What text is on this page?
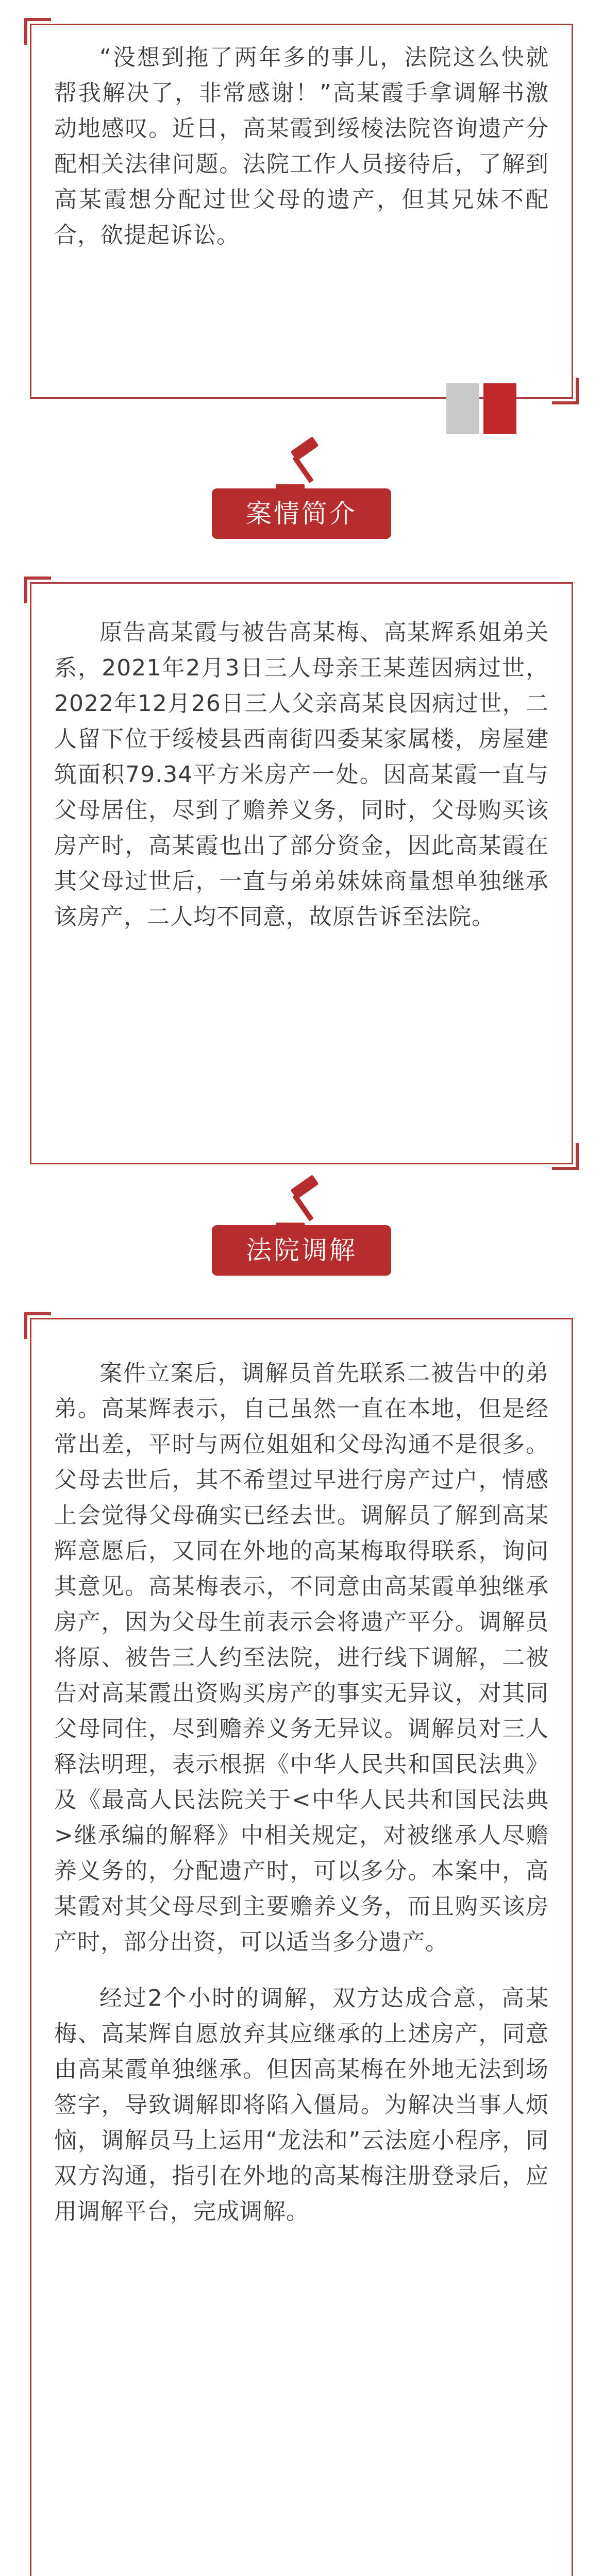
“没想到拖了两年多的事儿，法院这么快就帮我解决了，非常感谢！”高某霞手拿调解书激动地感叹。近日，高某霞到绥棱法院咨询遗产分配相关法律问题。法院工作人员接待后，了解到高某霞想分配过世父母的遗产，但其兄妹不配合，欲提起诉讼。

案情简介

原告高某霞与被告高某梅、高某辉系姐弟关系，2021年2月3日三人母亲王某莲因病过世，2022年12月26日三人父亲高某良因病过世，二人留下位于绥棱县西南街四委某家属楼，房屋建筑面积79.34平方米房产一处。因高某霞一直与父母居住，尽到了赡养义务，同时，父母购买该房产时，高某霞也出了部分资金，因此高某霞在其父母过世后，一直与弟弟妹妹商量想单独继承该房产，二人均不同意，故原告诉至法院。

法院调解

案件立案后，调解员首先联系二被告中的弟弟。高某辉表示，自己虽然一直在本地，但是经常出差，平时与两位姐姐和父母沟通不是很多。父母去世后，其不希望过早进行房产过户，情感上会觉得父母确实已经去世。调解员了解到高某辉意愿后，又同在外地的高某梅取得联系，询问其意见。高某梅表示，不同意由高某霞单独继承房产，因为父母生前表示会将遗产平分。调解员将原、被告三人约至法院，进行线下调解，二被告对高某霞出资购买房产的事实无异议，对其同父母同住，尽到赡养义务无异议。调解员对三人释法明理，表示根据《中华人民共和国民法典》及《最高人民法院关于<中华人民共和国民法典>继承编的解释》中相关规定，对被继承人尽赡养义务的，分配遗产时，可以多分。本案中，高某霞对其父母尽到主要赡养义务，而且购买该房产时，部分出资，可以适当多分遗产。

经过2个小时的调解，双方达成合意，高某梅、高某辉自愿放弃其应继承的上述房产，同意由高某霞单独继承。但因高某梅在外地无法到场签字，导致调解即将陷入僵局。为解决当事人烦恼，调解员马上运用“龙法和”云法庭小程序，同双方沟通，指引在外地的高某梅注册登录后，应用调解平台，完成调解。
